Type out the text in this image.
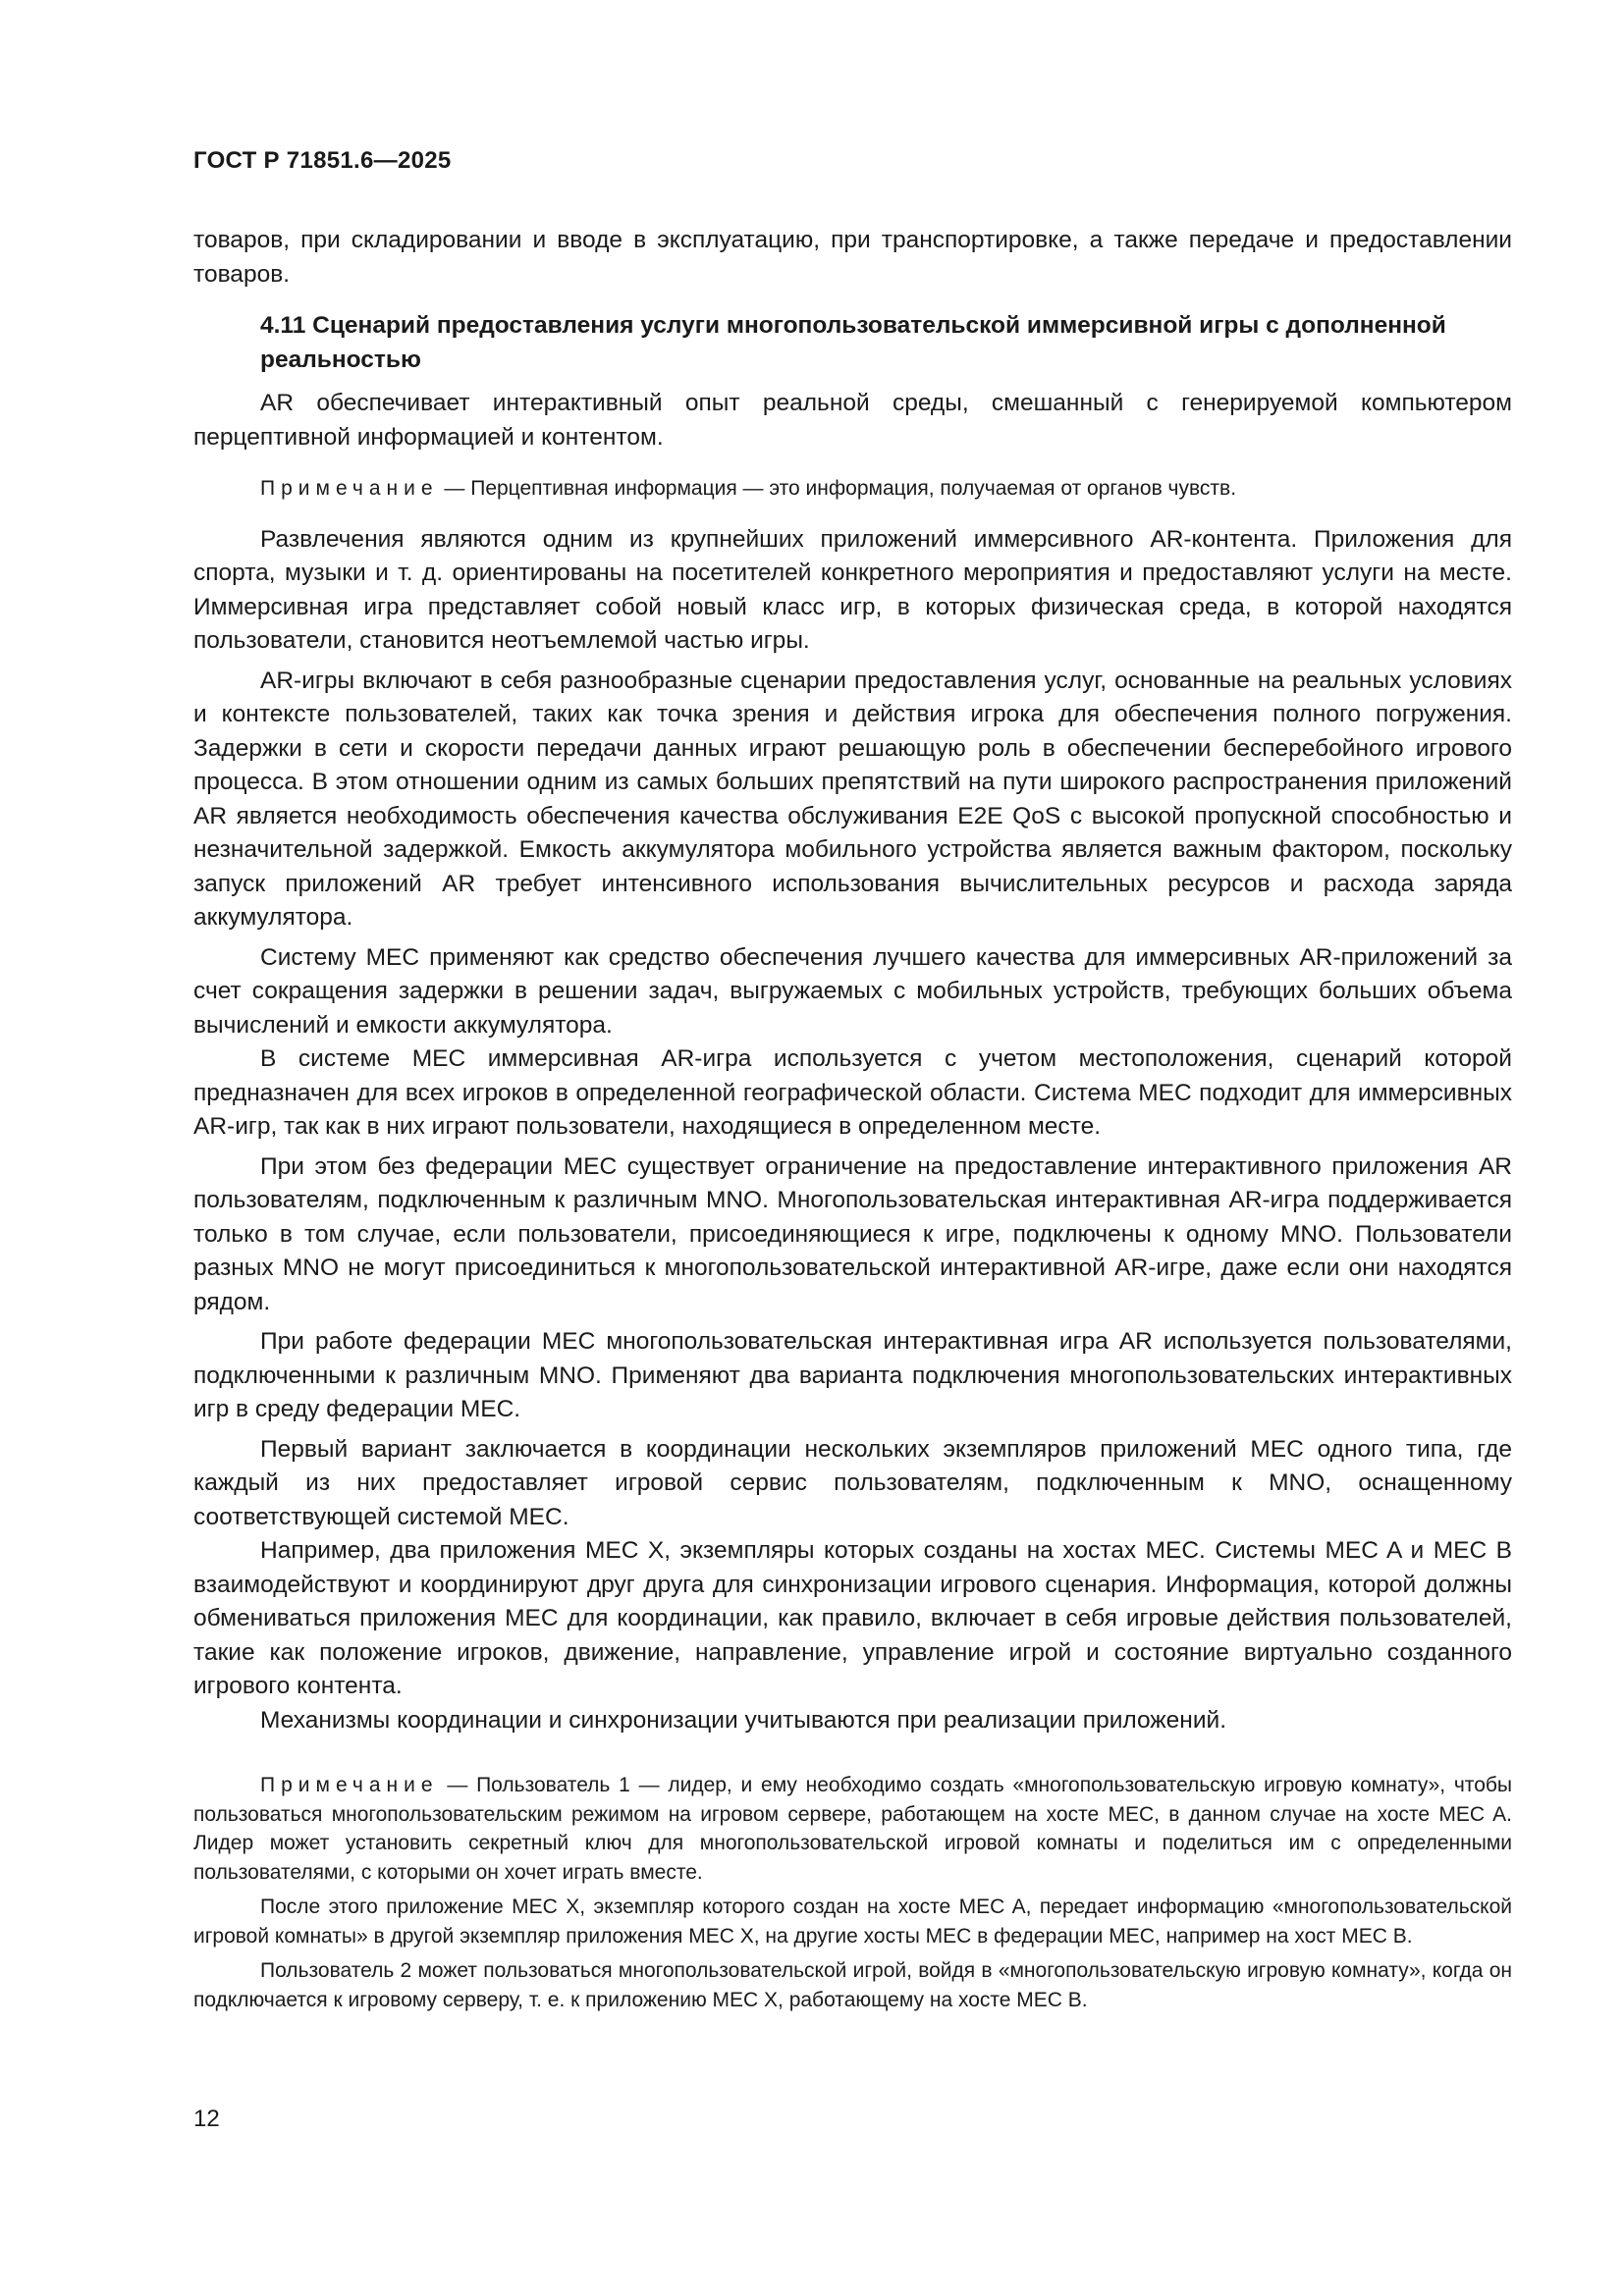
ГОСТ Р 71851.6—2025

товаров, при складировании и вводе в эксплуатацию, при транспортировке, а также передаче и предоставлении товаров.

4.11 Сценарий предоставления услуги многопользовательской иммерсивной игры с дополненной реальностью

AR обеспечивает интерактивный опыт реальной среды, смешанный с генерируемой компьютером перцептивной информацией и контентом.

Примечание — Перцептивная информация — это информация, получаемая от органов чувств.

Развлечения являются одним из крупнейших приложений иммерсивного AR-контента. Приложения для спорта, музыки и т. д. ориентированы на посетителей конкретного мероприятия и предоставляют услуги на месте. Иммерсивная игра представляет собой новый класс игр, в которых физическая среда, в которой находятся пользователи, становится неотъемлемой частью игры.

AR-игры включают в себя разнообразные сценарии предоставления услуг, основанные на реальных условиях и контексте пользователей, таких как точка зрения и действия игрока для обеспечения полного погружения. Задержки в сети и скорости передачи данных играют решающую роль в обеспечении бесперебойного игрового процесса. В этом отношении одним из самых больших препятствий на пути широкого распространения приложений AR является необходимость обеспечения качества обслуживания E2E QoS с высокой пропускной способностью и незначительной задержкой. Емкость аккумулятора мобильного устройства является важным фактором, поскольку запуск приложений AR требует интенсивного использования вычислительных ресурсов и расхода заряда аккумулятора.

Систему MEC применяют как средство обеспечения лучшего качества для иммерсивных AR-приложений за счет сокращения задержки в решении задач, выгружаемых с мобильных устройств, требующих больших объема вычислений и емкости аккумулятора.

В системе MEC иммерсивная AR-игра используется с учетом местоположения, сценарий которой предназначен для всех игроков в определенной географической области. Система MEC подходит для иммерсивных AR-игр, так как в них играют пользователи, находящиеся в определенном месте.

При этом без федерации MEC существует ограничение на предоставление интерактивного приложения AR пользователям, подключенным к различным MNO. Многопользовательская интерактивная AR-игра поддерживается только в том случае, если пользователи, присоединяющиеся к игре, подключены к одному MNO. Пользователи разных MNO не могут присоединиться к многопользовательской интерактивной AR-игре, даже если они находятся рядом.

При работе федерации MEC многопользовательская интерактивная игра AR используется пользователями, подключенными к различным MNO. Применяют два варианта подключения многопользовательских интерактивных игр в среду федерации MEC.

Первый вариант заключается в координации нескольких экземпляров приложений MEC одного типа, где каждый из них предоставляет игровой сервис пользователям, подключенным к MNO, оснащенному соответствующей системой MEC.

Например, два приложения MEC X, экземпляры которых созданы на хостах MEC. Системы MEC A и MEC B взаимодействуют и координируют друг друга для синхронизации игрового сценария. Информация, которой должны обмениваться приложения MEC для координации, как правило, включает в себя игровые действия пользователей, такие как положение игроков, движение, направление, управление игрой и состояние виртуально созданного игрового контента.

Механизмы координации и синхронизации учитываются при реализации приложений.

Примечание — Пользователь 1 — лидер, и ему необходимо создать «многопользовательскую игровую комнату», чтобы пользоваться многопользовательским режимом на игровом сервере, работающем на хосте MEC, в данном случае на хосте MEC A. Лидер может установить секретный ключ для многопользовательской игровой комнаты и поделиться им с определенными пользователями, с которыми он хочет играть вместе.

После этого приложение MEC X, экземпляр которого создан на хосте MEC A, передает информацию «многопользовательской игровой комнаты» в другой экземпляр приложения MEC X, на другие хосты MEC в федерации MEC, например на хост MEC B.

Пользователь 2 может пользоваться многопользовательской игрой, войдя в «многопользовательскую игровую комнату», когда он подключается к игровому серверу, т. е. к приложению MEC X, работающему на хосте MEC B.

12
